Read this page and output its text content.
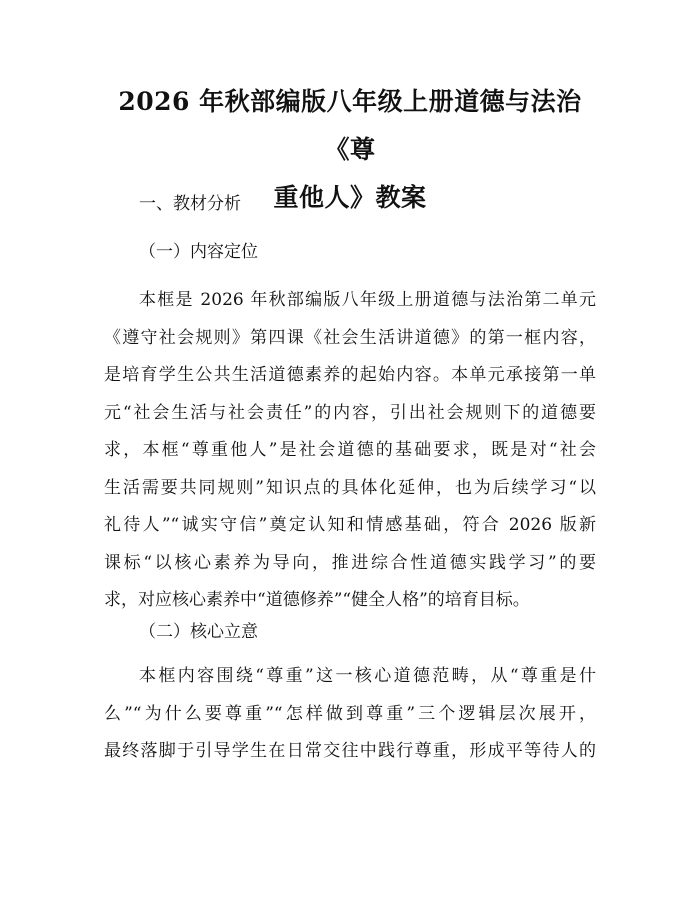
2026 年秋部编版八年级上册道德与法治《尊
重他人》教案
一、教材分析
（一）内容定位
本框是 2026 年秋部编版八年级上册道德与法治第二单元
《遵守社会规则》第四课《社会生活讲道德》的第一框内容，
是培育学生公共生活道德素养的起始内容。本单元承接第一单
元“社会生活与社会责任”的内容，引出社会规则下的道德要
求，本框“尊重他人”是社会道德的基础要求，既是对“社会
生活需要共同规则”知识点的具体化延伸，也为后续学习“以
礼待人”“诚实守信”奠定认知和情感基础，符合 2026 版新
课标“以核心素养为导向，推进综合性道德实践学习”的要
求，对应核心素养中“道德修养”“健全人格”的培育目标。
（二）核心立意
本框内容围绕“尊重”这一核心道德范畴，从“尊重是什
么”“为什么要尊重”“怎样做到尊重”三个逻辑层次展开，
最终落脚于引导学生在日常交往中践行尊重，形成平等待人的
